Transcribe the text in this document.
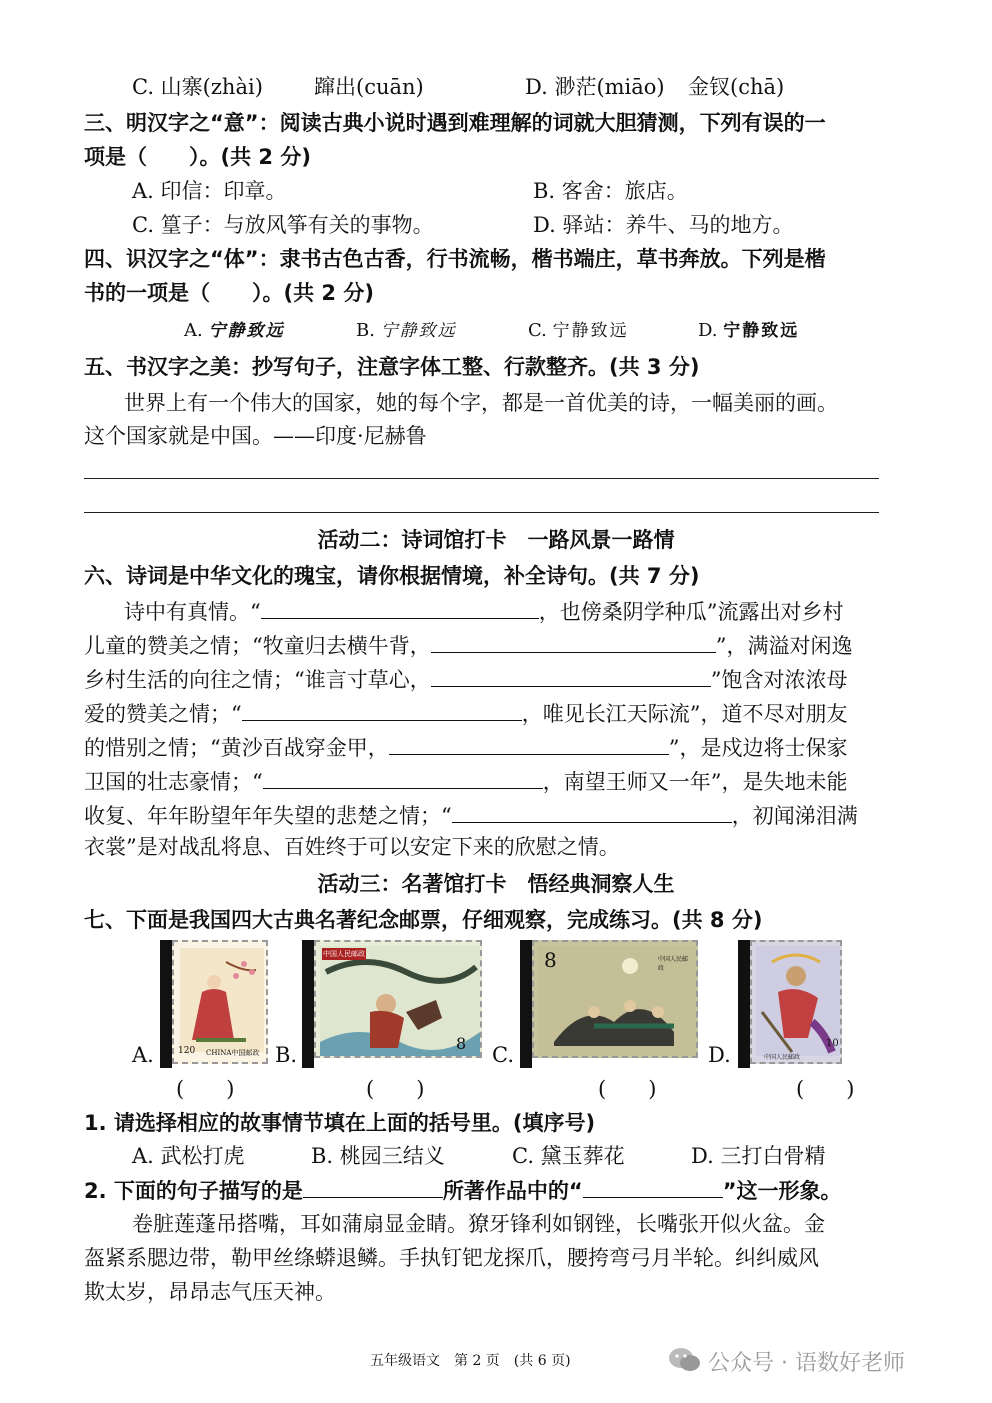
C. 山寨(zhài) 蹿出(cuān)	D. 渺茫(miāo) 金钗(chā)
三、明汉字之“意”：阅读古典小说时遇到难理解的词就大胆猜测，下列有误的一
项是（　　）。(共 2 分)
A. 印信：印章。	B. 客舍：旅店。
C. 篁子：与放风筝有关的事物。	D. 驿站：养牛、马的地方。
四、识汉字之“体”：隶书古色古香，行书流畅，楷书端庄，草书奔放。下列是楷
书的一项是（　　）。(共 2 分)
A. 宁静致远	B. 宁静致远	C. 宁静致远	D. 宁静致远
五、书汉字之美：抄写句子，注意字体工整、行款整齐。(共 3 分)
世界上有一个伟大的国家，她的每个字，都是一首优美的诗，一幅美丽的画。
这个国家就是中国。——印度·尼赫鲁
活动二：诗词馆打卡　一路风景一路情
六、诗词是中华文化的瑰宝，请你根据情境，补全诗句。(共 7 分)
诗中有真情。“	，也傍桑阴学种瓜”流露出对乡村
儿童的赞美之情；“牧童归去横牛背，	”，满溢对闲逸
乡村生活的向往之情；“谁言寸草心，	”饱含对浓浓母
爱的赞美之情；“	，唯见长江天际流”，道不尽对朋友
的惜别之情；“黄沙百战穿金甲，	”，是戍边将士保家
卫国的壮志豪情；“	，南望王师又一年”，是失地未能
收复、年年盼望年年失望的悲楚之情；“	，初闻涕泪满
衣裳”是对战乱将息、百姓终于可以安定下来的欣慰之情。
活动三：名著馆打卡　悟经典洞察人生
七、下面是我国四大古典名著纪念邮票，仔细观察，完成练习。(共 8 分)
A.	120 CHINA中国邮政
(　　)
B.
中国人民邮政
8
(　　)
C.
8	中国人民邮政
(　　)
D.	10
中国人民邮政
(　　)
1. 请选择相应的故事情节填在上面的括号里。(填序号)
A. 武松打虎	B. 桃园三结义	C. 黛玉葬花	D. 三打白骨精
2. 下面的句子描写的是	所著作品中的“	”这一形象。
卷脏莲蓬吊搭嘴，耳如蒲扇显金睛。獠牙锋利如钢锉，长嘴张开似火盆。金
盔紧系腮边带，勒甲丝绦蟒退鳞。手执钉钯龙探爪，腰挎弯弓月半轮。纠纠威风
欺太岁，昂昂志气压天神。
五年级语文　第 2 页　(共 6 页)	公众号 · 语数好老师
